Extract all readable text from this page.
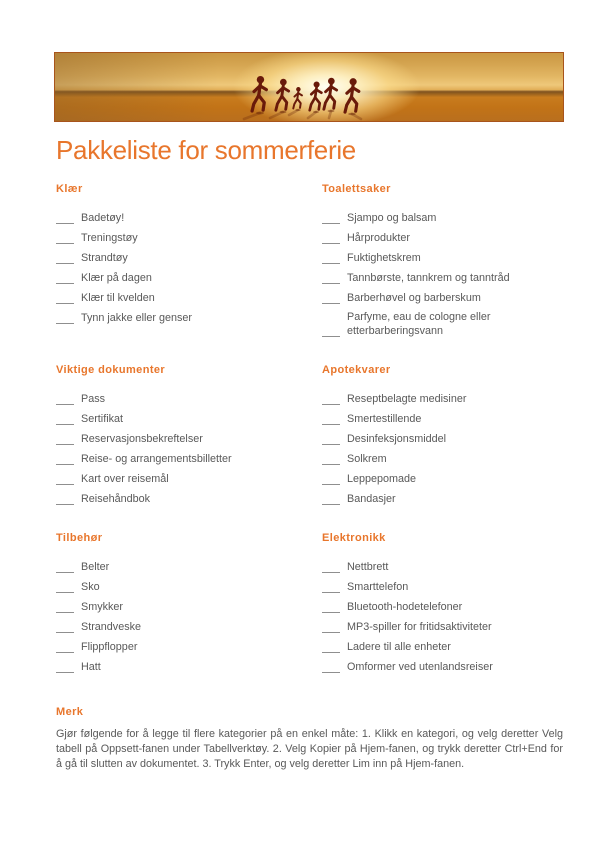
Pakkeliste for sommerferie
Klær
Badetøy!
Treningstøy
Strandtøy
Klær på dagen
Klær til kvelden
Tynn jakke eller genser
Toalettsaker
Sjampo og balsam
Hårprodukter
Fuktighetskrem
Tannbørste, tannkrem og tanntråd
Barberhøvel og barberskum
Parfyme, eau de cologne eller etterbarberingsvann
Viktige dokumenter
Pass
Sertifikat
Reservasjonsbekreftelser
Reise- og arrangementsbilletter
Kart over reisemål
Reisehåndbok
Apotekvarer
Reseptbelagte medisiner
Smertestillende
Desinfeksjonsmiddel
Solkrem
Leppepomade
Bandasjer
Tilbehør
Belter
Sko
Smykker
Strandveske
Flippflopper
Hatt
Elektronikk
Nettbrett
Smarttelefon
Bluetooth-hodetelefoner
MP3-spiller for fritidsaktiviteter
Ladere til alle enheter
Omformer ved utenlandsreiser
Merk

Gjør følgende for å legge til flere kategorier på en enkel måte: 1. Klikk en kategori, og velg deretter Velg tabell på Oppsett-fanen under Tabellverktøy. 2. Velg Kopier på Hjem-fanen, og trykk deretter Ctrl+End for å gå til slutten av dokumentet. 3. Trykk Enter, og velg deretter Lim inn på Hjem-fanen.
